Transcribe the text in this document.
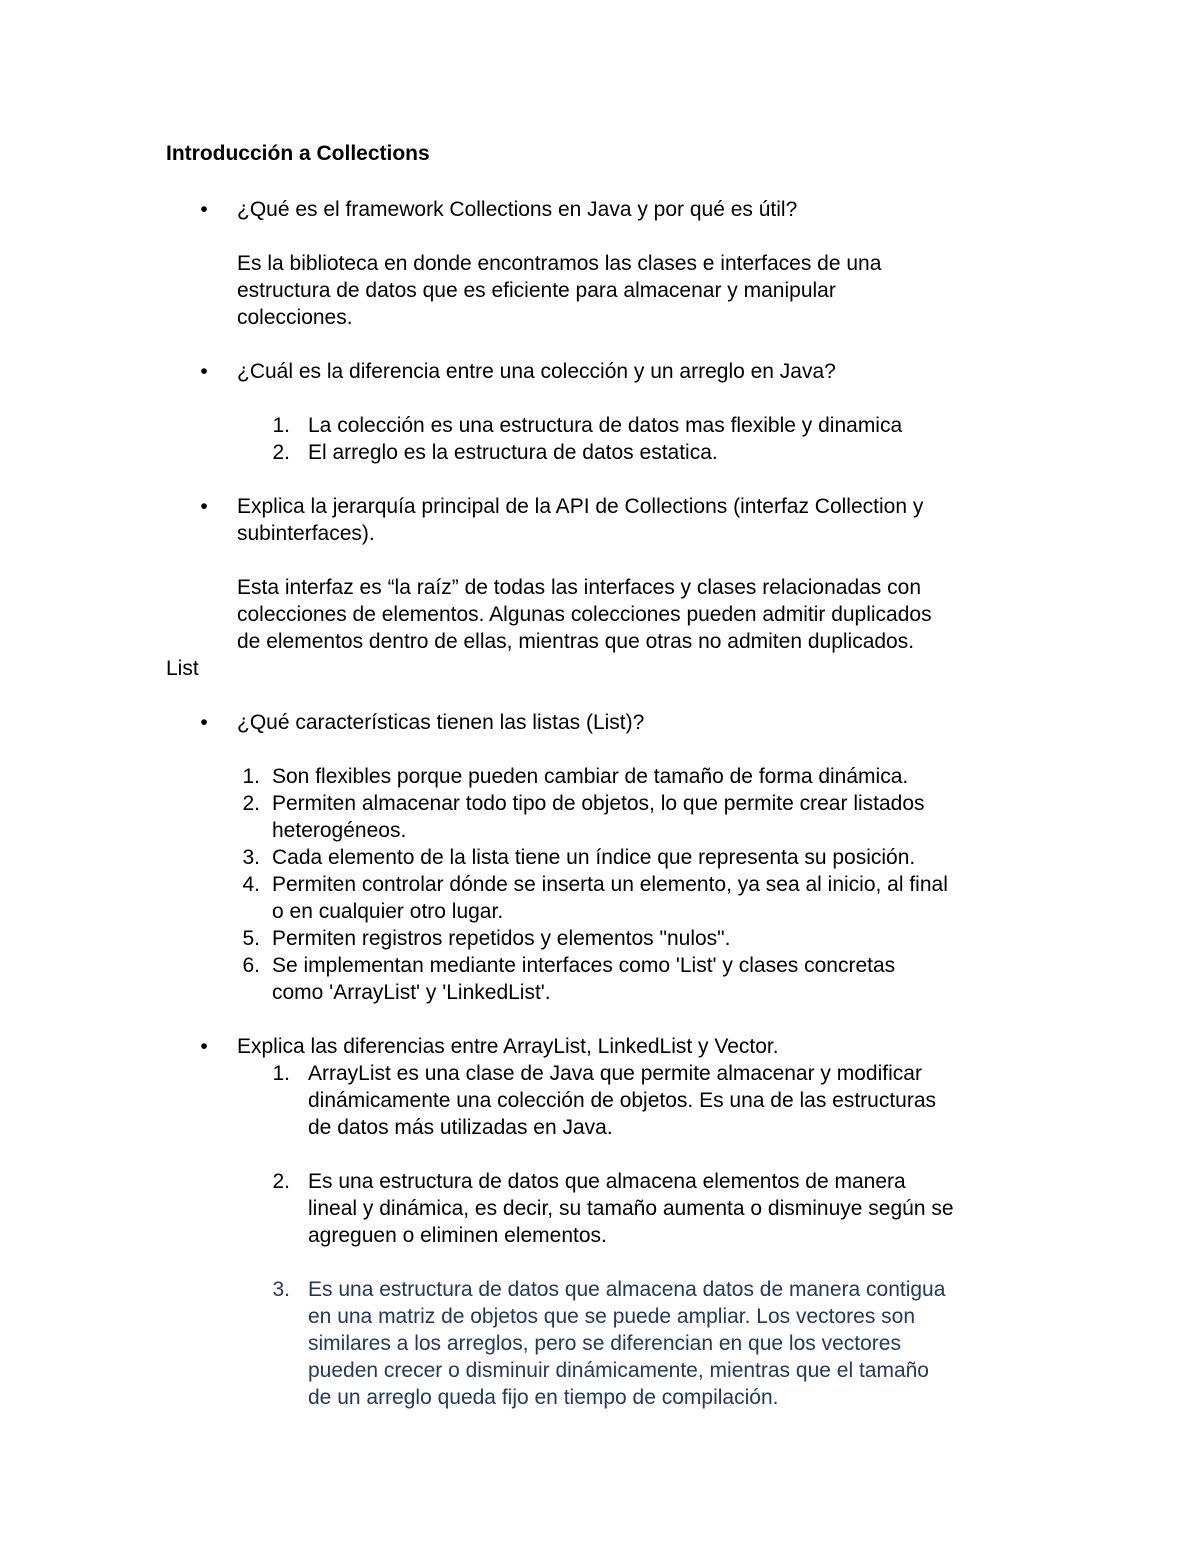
Introducción a Collections
•	¿Qué es el framework Collections en Java y por qué es útil?
Es la biblioteca en donde encontramos las clases e interfaces de una
estructura de datos que es eficiente para almacenar y manipular
colecciones.
•	¿Cuál es la diferencia entre una colección y un arreglo en Java?
1. La colección es una estructura de datos mas flexible y dinamica
2. El arreglo es la estructura de datos estatica.
•	Explica la jerarquía principal de la API de Collections (interfaz Collection y
subinterfaces).
Esta interfaz es “la raíz” de todas las interfaces y clases relacionadas con
colecciones de elementos. Algunas colecciones pueden admitir duplicados
de elementos dentro de ellas, mientras que otras no admiten duplicados.
List
•	¿Qué características tienen las listas (List)?
1. Son flexibles porque pueden cambiar de tamaño de forma dinámica.
2. Permiten almacenar todo tipo de objetos, lo que permite crear listados
heterogéneos.
3. Cada elemento de la lista tiene un índice que representa su posición.
4. Permiten controlar dónde se inserta un elemento, ya sea al inicio, al final
o en cualquier otro lugar.
5. Permiten registros repetidos y elementos "nulos".
6. Se implementan mediante interfaces como 'List' y clases concretas
como 'ArrayList' y 'LinkedList'.
•	Explica las diferencias entre ArrayList, LinkedList y Vector.
1. ArrayList es una clase de Java que permite almacenar y modificar
dinámicamente una colección de objetos. Es una de las estructuras
de datos más utilizadas en Java.
2. Es una estructura de datos que almacena elementos de manera
lineal y dinámica, es decir, su tamaño aumenta o disminuye según se
agreguen o eliminen elementos.
3. Es una estructura de datos que almacena datos de manera contigua
en una matriz de objetos que se puede ampliar. Los vectores son
similares a los arreglos, pero se diferencian en que los vectores
pueden crecer o disminuir dinámicamente, mientras que el tamaño
de un arreglo queda fijo en tiempo de compilación.
